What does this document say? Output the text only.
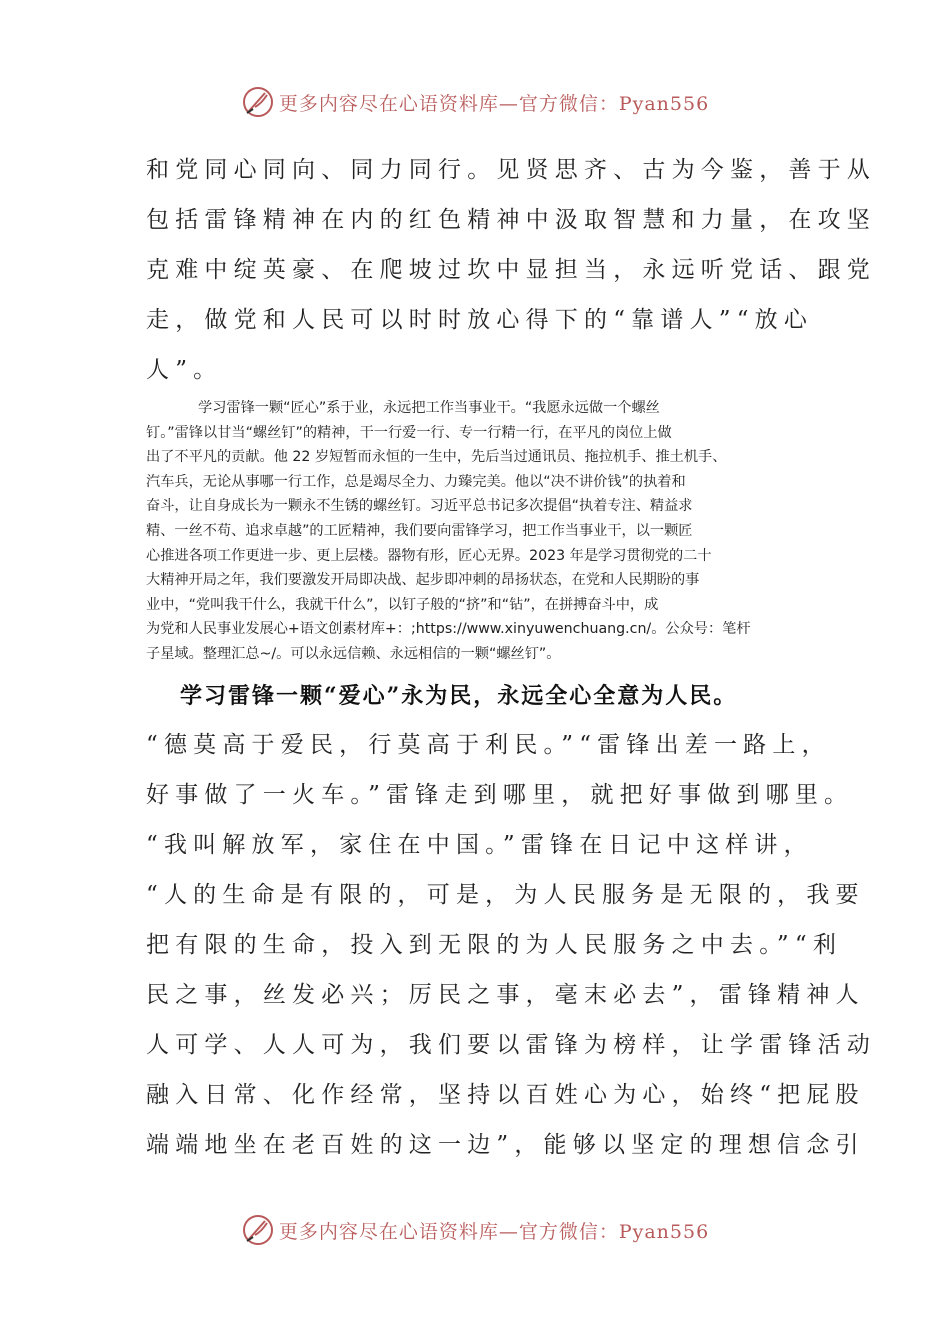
更多内容尽在心语资料库—官方微信：Pyan556
和党同心同向、同力同行。见贤思齐、古为今鉴，善于从
包括雷锋精神在内的红色精神中汲取智慧和力量，在攻坚
克难中绽英豪、在爬坡过坎中显担当，永远听党话、跟党
走，做党和人民可以时时放心得下的“靠谱人”“放心
人”。

学习雷锋一颗“匠心”系于业，永远把工作当事业干。“我愿永远做一个螺丝

钉。”雷锋以甘当“螺丝钉”的精神，干一行爱一行、专一行精一行，在平凡的岗位上做

出了不平凡的贡献。他 22 岁短暂而永恒的一生中，先后当过通讯员、拖拉机手、推土机手、

汽车兵，无论从事哪一行工作，总是竭尽全力、力臻完美。他以“决不讲价钱”的执着和

奋斗，让自身成长为一颗永不生锈的螺丝钉。习近平总书记多次提倡“执着专注、精益求

精、一丝不苟、追求卓越”的工匠精神，我们要向雷锋学习，把工作当事业干，以一颗匠

心推进各项工作更进一步、更上层楼。器物有形，匠心无界。2023 年是学习贯彻党的二十

大精神开局之年，我们要激发开局即决战、起步即冲刺的昂扬状态，在党和人民期盼的事

业中，“党叫我干什么，我就干什么”，以钉子般的“挤”和“钻”，在拼搏奋斗中，成

为党和人民事业发展心+语文创素材库+：;https://www.xinyuwenchuang.cn/。公众号：笔杆

子星域。整理汇总~/。可以永远信赖、永远相信的一颗“螺丝钉”。

学习雷锋一颗“爱心”永为民，永远全心全意为人民。
“德莫高于爱民，行莫高于利民。”“雷锋出差一路上，
好事做了一火车。”雷锋走到哪里，就把好事做到哪里。
“我叫解放军，家住在中国。”雷锋在日记中这样讲，
“人的生命是有限的，可是，为人民服务是无限的，我要
把有限的生命，投入到无限的为人民服务之中去。”“利
民之事，丝发必兴；厉民之事，毫末必去”，雷锋精神人
人可学、人人可为，我们要以雷锋为榜样，让学雷锋活动
融入日常、化作经常，坚持以百姓心为心，始终“把屁股
端端地坐在老百姓的这一边”，能够以坚定的理想信念引
更多内容尽在心语资料库—官方微信：Pyan556
